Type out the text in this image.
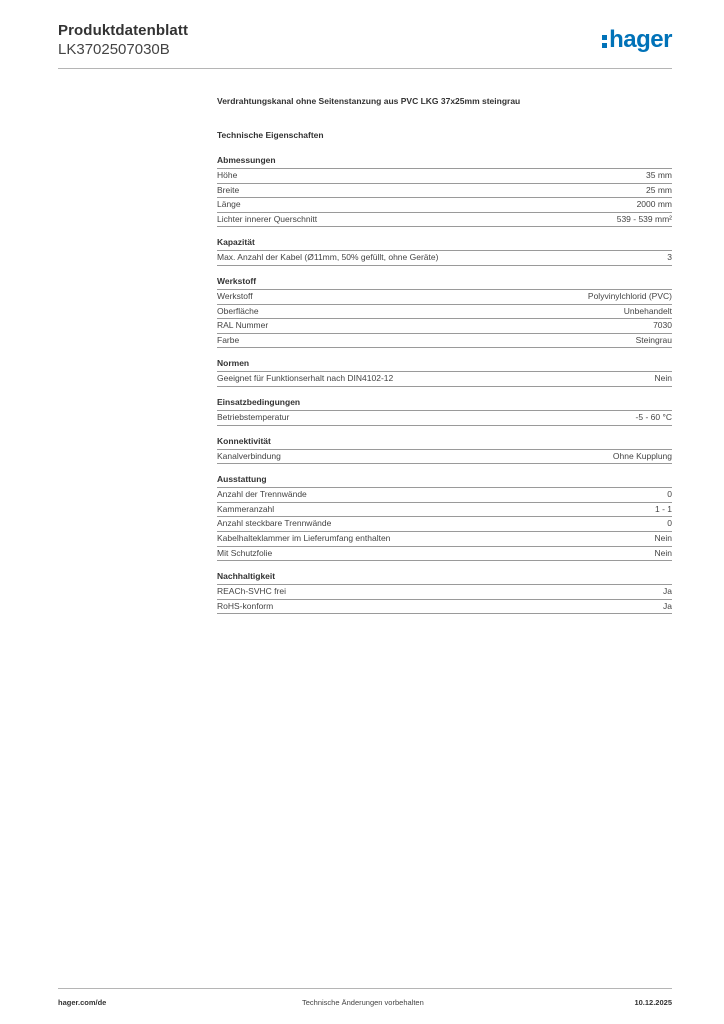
Produktdatenblatt
LK3702507030B	hager
Verdrahtungskanal ohne Seitenstanzung aus PVC LKG 37x25mm steingrau
Technische Eigenschaften
Abmessungen
Höhe	35 mm
Breite	25 mm
Länge	2000 mm
Lichter innerer Querschnitt	539 - 539 mm²
Kapazität
Max. Anzahl der Kabel (Ø11mm, 50% gefüllt, ohne Geräte)	3
Werkstoff
Werkstoff	Polyvinylchlorid (PVC)
Oberfläche	Unbehandelt
RAL Nummer	7030
Farbe	Steingrau
Normen
Geeignet für Funktionserhalt nach DIN4102-12	Nein
Einsatzbedingungen
Betriebstemperatur	-5 - 60 °C
Konnektivität
Kanalverbindung	Ohne Kupplung
Ausstattung
Anzahl der Trennwände	0
Kammeranzahl	1 - 1
Anzahl steckbare Trennwände	0
Kabelhalteklammer im Lieferumfang enthalten	Nein
Mit Schutzfolie	Nein
Nachhaltigkeit
REACh-SVHC frei	Ja
RoHS-konform	Ja
hager.com/de	Technische Änderungen vorbehalten	10.12.2025
